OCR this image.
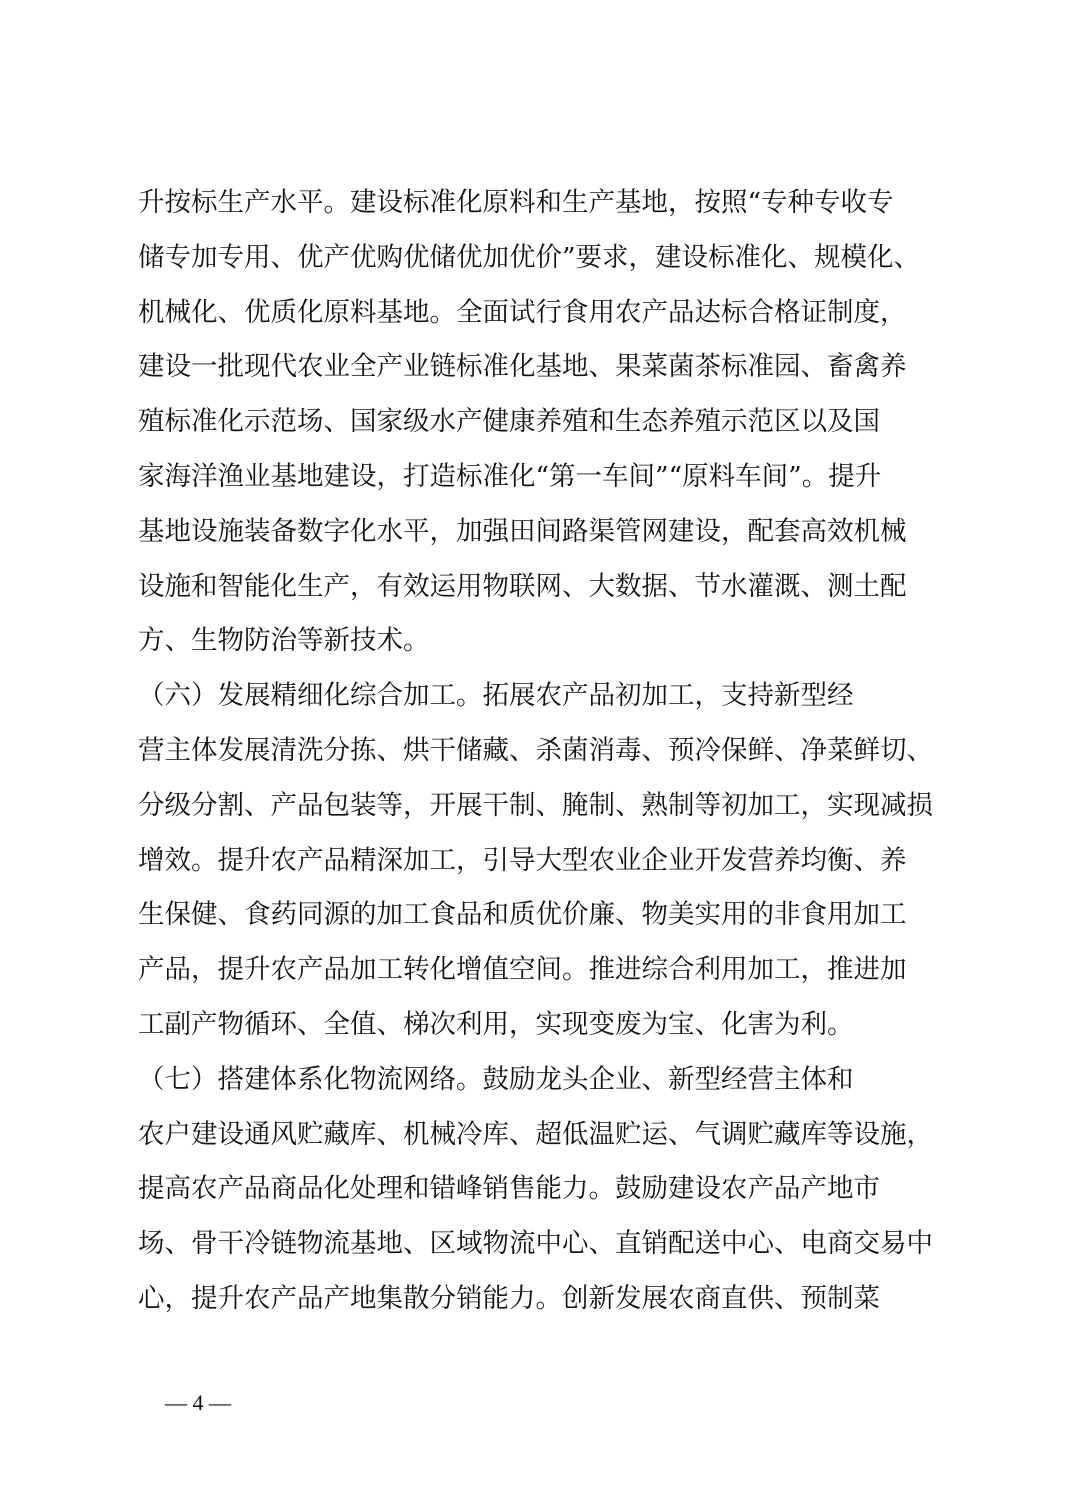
升按标生产水平。建设标准化原料和生产基地，按照“专种专收专
储专加专用、优产优购优储优加优价”要求，建设标准化、规模化、
机械化、优质化原料基地。全面试行食用农产品达标合格证制度，
建设一批现代农业全产业链标准化基地、果菜菌茶标准园、畜禽养
殖标准化示范场、国家级水产健康养殖和生态养殖示范区以及国
家海洋渔业基地建设，打造标准化“第一车间”“原料车间”。提升
基地设施装备数字化水平，加强田间路渠管网建设，配套高效机械
设施和智能化生产，有效运用物联网、大数据、节水灌溉、测土配
方、生物防治等新技术。
（六）发展精细化综合加工。拓展农产品初加工，支持新型经
营主体发展清洗分拣、烘干储藏、杀菌消毒、预冷保鲜、净菜鲜切、
分级分割、产品包装等，开展干制、腌制、熟制等初加工，实现减损
增效。提升农产品精深加工，引导大型农业企业开发营养均衡、养
生保健、食药同源的加工食品和质优价廉、物美实用的非食用加工
产品，提升农产品加工转化增值空间。推进综合利用加工，推进加
工副产物循环、全值、梯次利用，实现变废为宝、化害为利。
（七）搭建体系化物流网络。鼓励龙头企业、新型经营主体和
农户建设通风贮藏库、机械冷库、超低温贮运、气调贮藏库等设施，
提高农产品商品化处理和错峰销售能力。鼓励建设农产品产地市
场、骨干冷链物流基地、区域物流中心、直销配送中心、电商交易中
心，提升农产品产地集散分销能力。创新发展农商直供、预制菜
— 4 —
